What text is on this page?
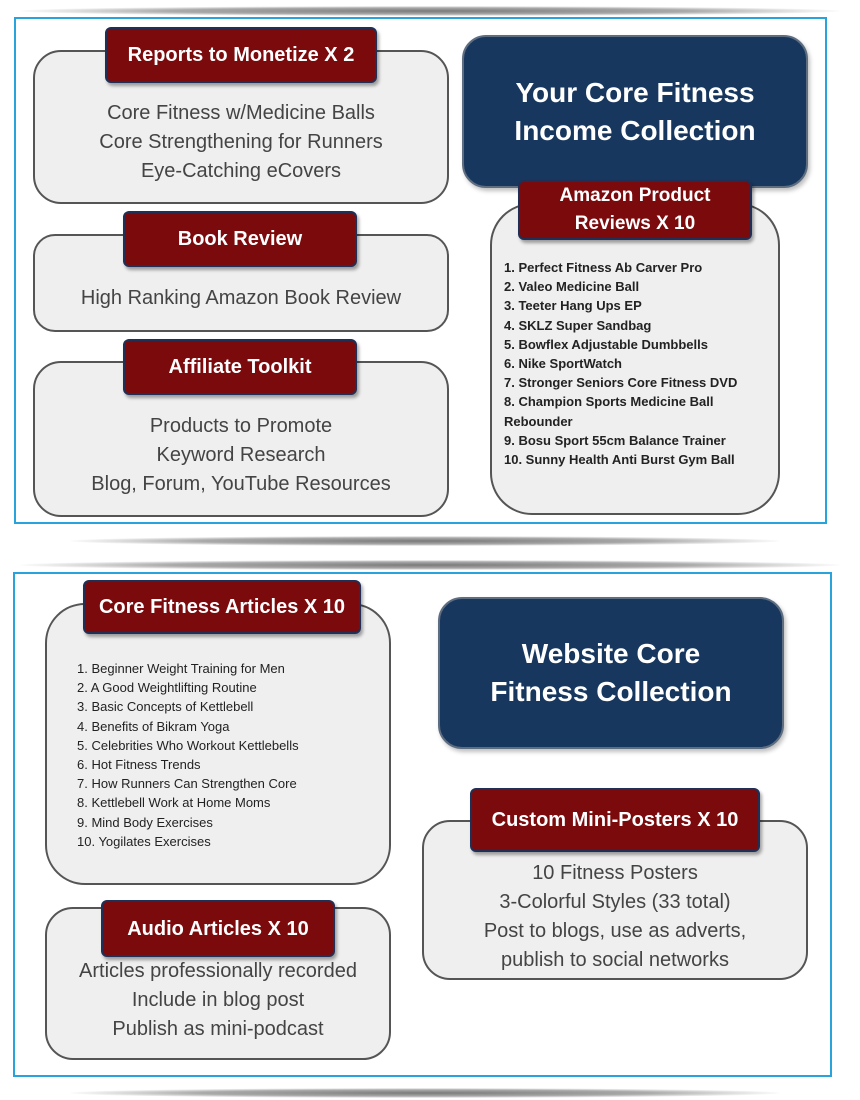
Core Fitness w/Medicine Balls
Core Strengthening for Runners
Eye-Catching eCovers
Reports to Monetize X 2
High Ranking Amazon Book Review
Book Review
Products to Promote
Keyword Research
Blog, Forum, YouTube Resources
Affiliate Toolkit
Your Core Fitness Income Collection
1. Perfect Fitness Ab Carver Pro
2. Valeo Medicine Ball
3. Teeter Hang Ups EP
4. SKLZ Super Sandbag
5. Bowflex Adjustable Dumbbells
6. Nike SportWatch
7. Stronger Seniors Core Fitness DVD
8. Champion Sports Medicine Ball
Rebounder
9. Bosu Sport 55cm Balance Trainer
10. Sunny Health Anti Burst Gym Ball
Amazon Product
Reviews X 10
1. Beginner Weight Training for Men
2. A Good Weightlifting Routine
3. Basic Concepts of Kettlebell
4. Benefits of Bikram Yoga
5. Celebrities Who Workout Kettlebells
6. Hot Fitness Trends
7. How Runners Can Strengthen Core
8. Kettlebell Work at Home Moms
9. Mind Body Exercises
10. Yogilates Exercises
Core Fitness Articles X 10
Website Core Fitness Collection
10 Fitness Posters
3-Colorful Styles (33 total)
Post to blogs, use as adverts,
publish to social networks
Custom Mini-Posters X 10
Articles professionally recorded
Include in blog post
Publish as mini-podcast
Audio Articles X 10
